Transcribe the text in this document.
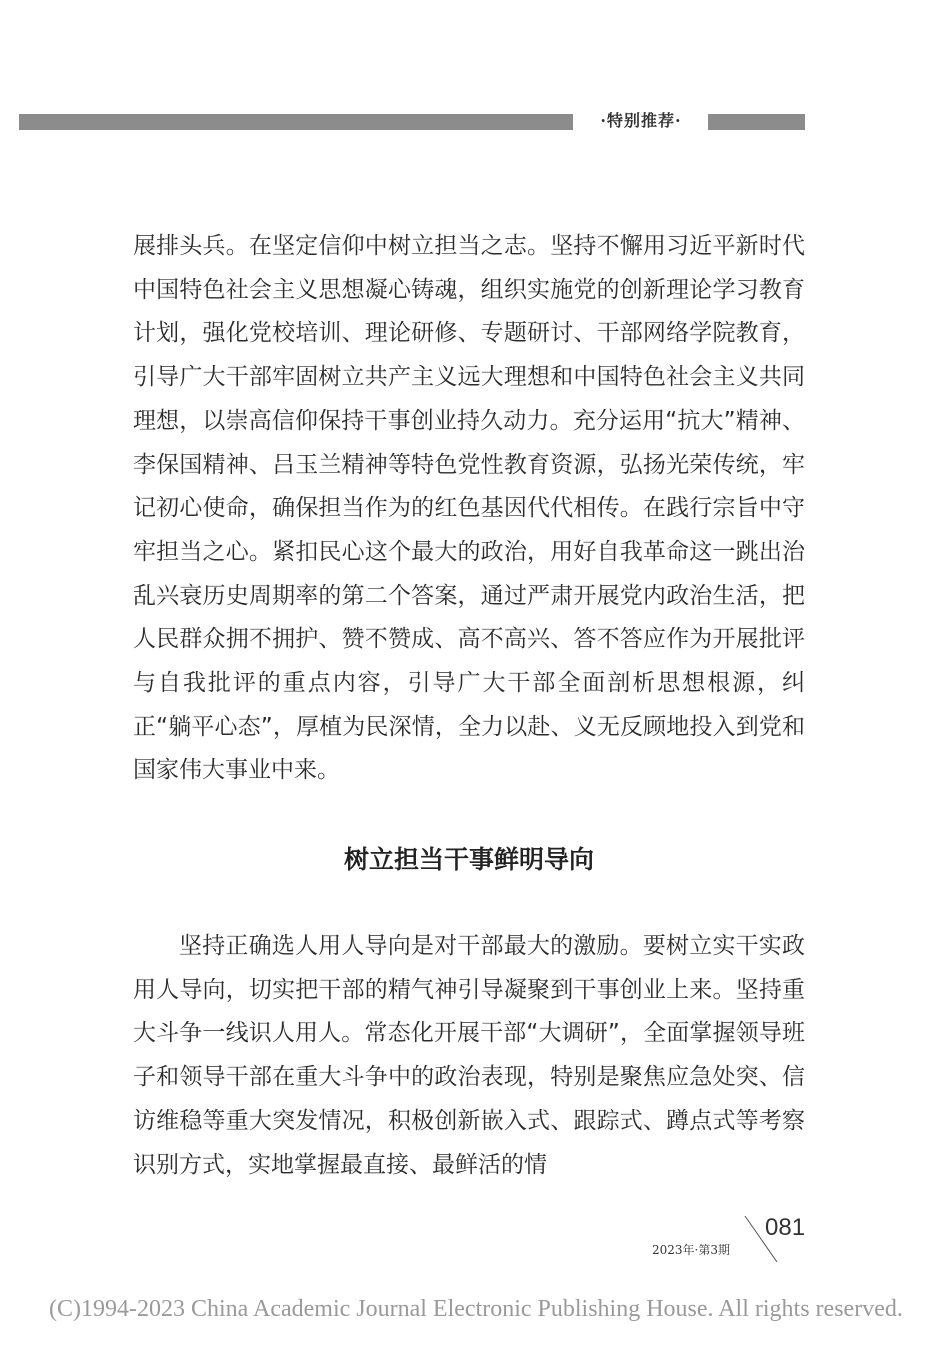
·特别推荐·

展排头兵。在坚定信仰中树立担当之志。坚持不懈用习近平新时代中国特色社会主义思想凝心铸魂，组织实施党的创新理论学习教育计划，强化党校培训、理论研修、专题研讨、干部网络学院教育，引导广大干部牢固树立共产主义远大理想和中国特色社会主义共同理想，以崇高信仰保持干事创业持久动力。充分运用“抗大”精神、李保国精神、吕玉兰精神等特色党性教育资源，弘扬光荣传统，牢记初心使命，确保担当作为的红色基因代代相传。在践行宗旨中守牢担当之心。紧扣民心这个最大的政治，用好自我革命这一跳出治乱兴衰历史周期率的第二个答案，通过严肃开展党内政治生活，把人民群众拥不拥护、赞不赞成、高不高兴、答不答应作为开展批评与自我批评的重点内容，引导广大干部全面剖析思想根源，纠正“躺平心态”，厚植为民深情，全力以赴、义无反顾地投入到党和国家伟大事业中来。

树立担当干事鲜明导向

坚持正确选人用人导向是对干部最大的激励。要树立实干实政用人导向，切实把干部的精气神引导凝聚到干事创业上来。坚持重大斗争一线识人用人。常态化开展干部“大调研”，全面掌握领导班子和领导干部在重大斗争中的政治表现，特别是聚焦应急处突、信访维稳等重大突发情况，积极创新嵌入式、跟踪式、蹲点式等考察识别方式，实地掌握最直接、最鲜活的情

081
2023年·第3期
(C)1994-2023 China Academic Journal Electronic Publishing House. All rights reserved.
